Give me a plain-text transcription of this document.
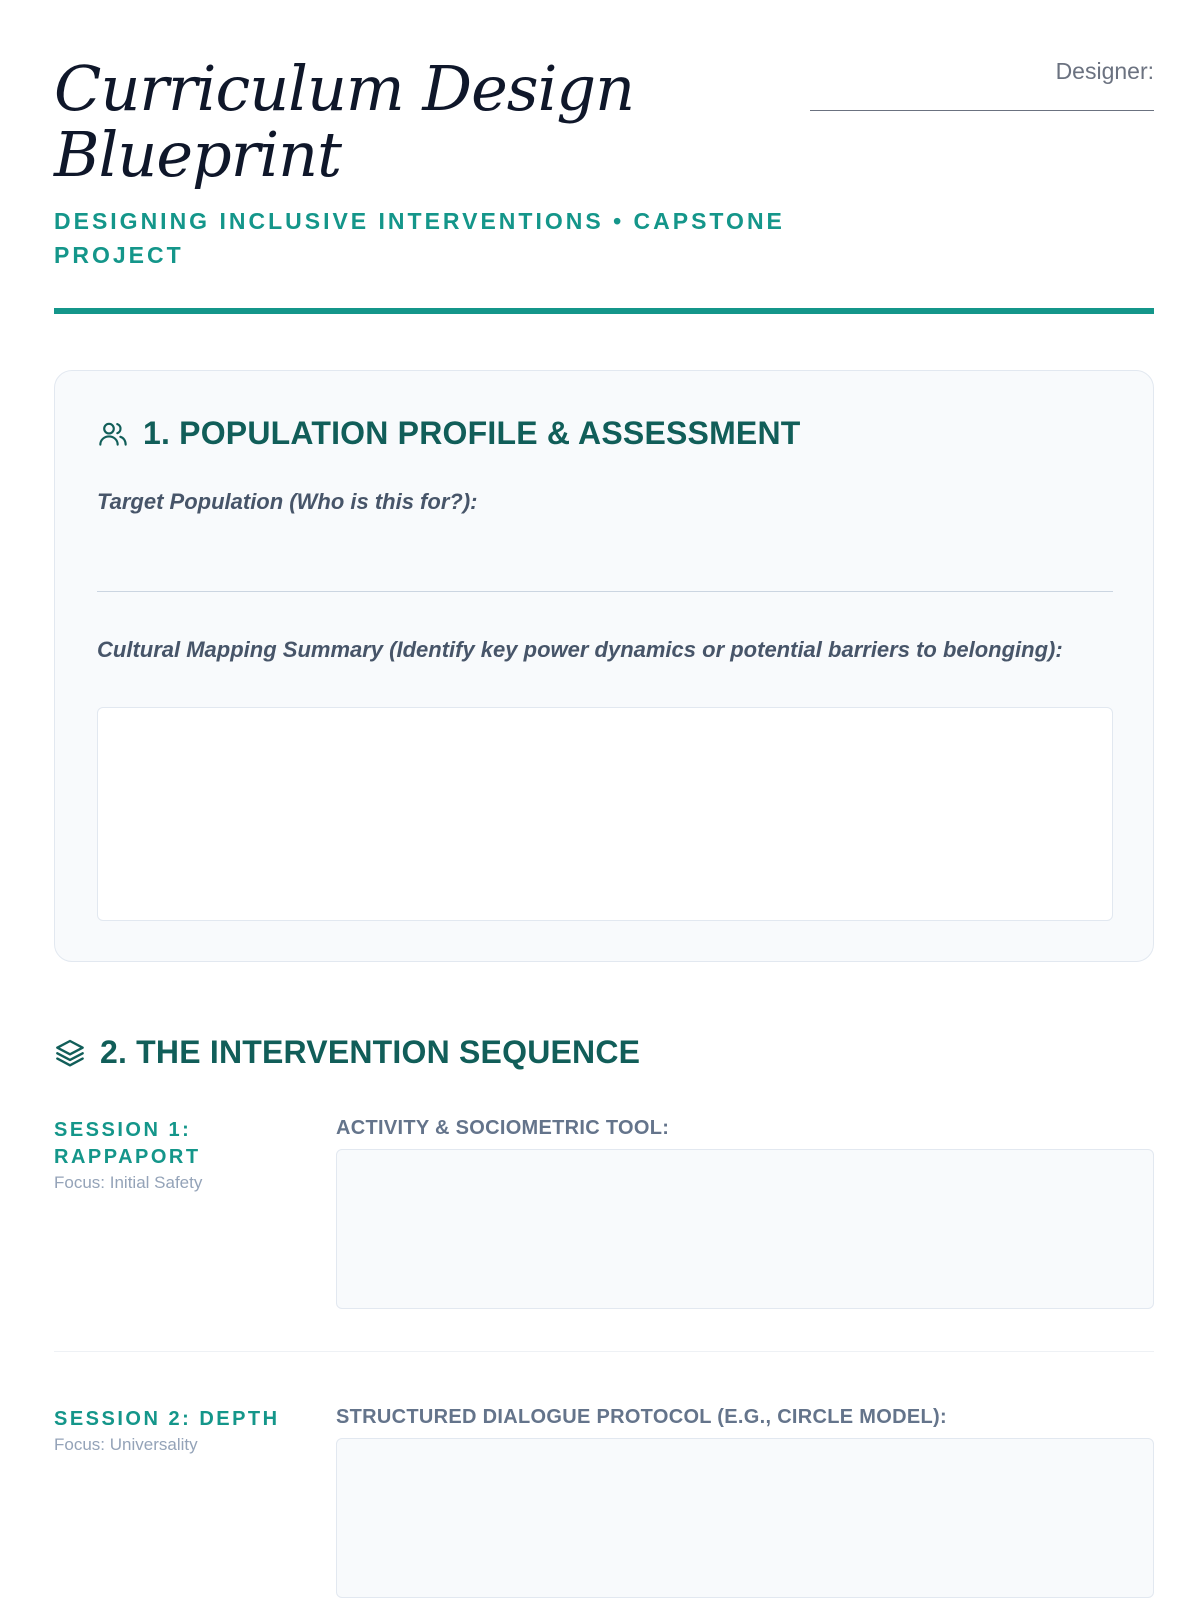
Curriculum Design Blueprint
DESIGNING INCLUSIVE INTERVENTIONS • CAPSTONE PROJECT
Designer:
1. POPULATION PROFILE & ASSESSMENT
Target Population (Who is this for?):
Cultural Mapping Summary (Identify key power dynamics or potential barriers to belonging):
2. THE INTERVENTION SEQUENCE
SESSION 1: RAPPAPORT
Focus: Initial Safety
ACTIVITY & SOCIOMETRIC TOOL:
SESSION 2: DEPTH
Focus: Universality
STRUCTURED DIALOGUE PROTOCOL (E.G., CIRCLE MODEL):
